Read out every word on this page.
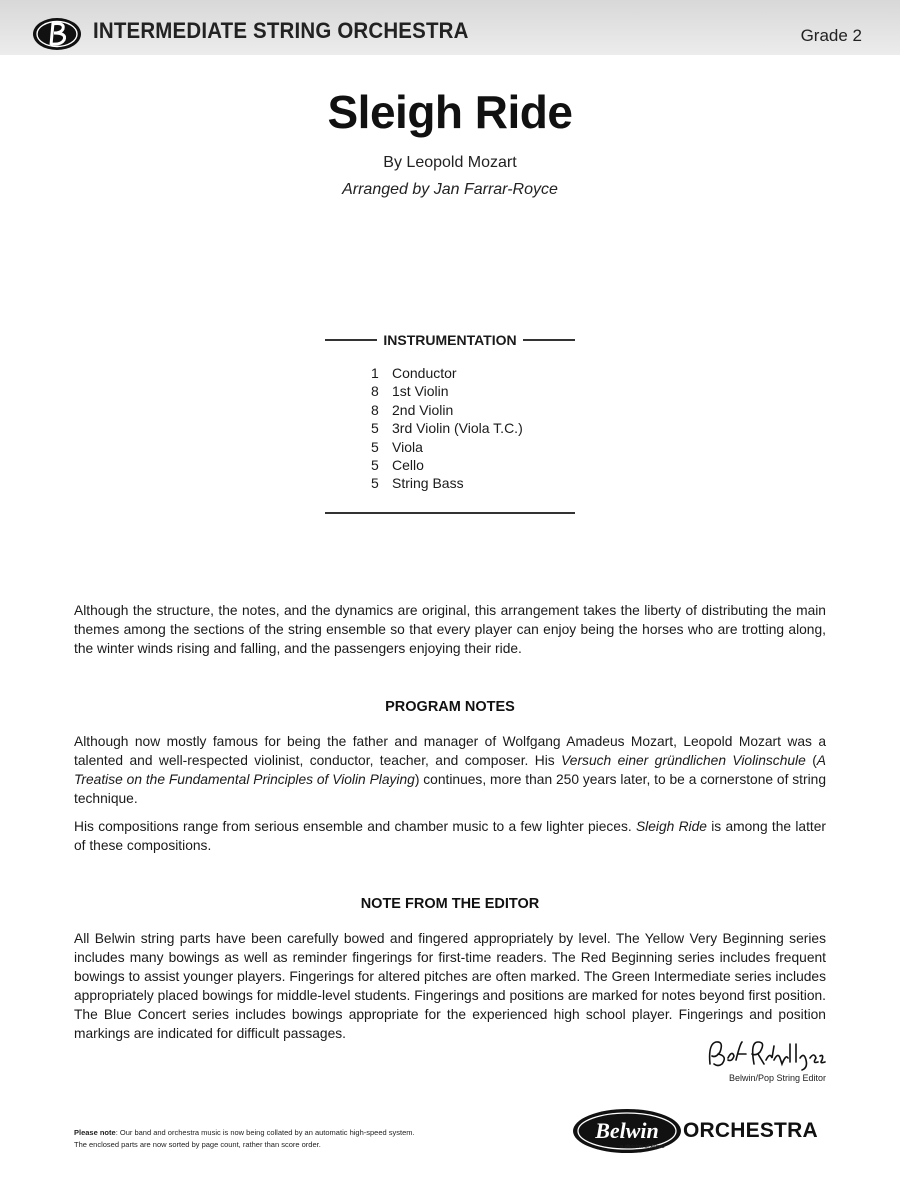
INTERMEDIATE STRING ORCHESTRA	Grade 2
Sleigh Ride
By Leopold Mozart
Arranged by Jan Farrar-Royce
INSTRUMENTATION
1 Conductor
8 1st Violin
8 2nd Violin
5 3rd Violin (Viola T.C.)
5 Viola
5 Cello
5 String Bass

Although the structure, the notes, and the dynamics are original, this arrangement takes the liberty of distributing the main themes among the sections of the string ensemble so that every player can enjoy being the horses who are trotting along, the winter winds rising and falling, and the passengers enjoying their ride.

PROGRAM NOTES

Although now mostly famous for being the father and manager of Wolfgang Amadeus Mozart, Leopold Mozart was a talented and well-respected violinist, conductor, teacher, and composer. His Versuch einer gründlichen Violinschule (A Treatise on the Fundamental Principles of Violin Playing) continues, more than 250 years later, to be a cornerstone of string technique.

His compositions range from serious ensemble and chamber music to a few lighter pieces. Sleigh Ride is among the latter of these compositions.

NOTE FROM THE EDITOR

All Belwin string parts have been carefully bowed and fingered appropriately by level. The Yellow Very Beginning series includes many bowings as well as reminder fingerings for first-time readers. The Red Beginning series includes frequent bowings to assist younger players. Fingerings for altered pitches are often marked. The Green Intermediate series includes appropriately placed bowings for middle-level students. Fingerings and positions are marked for notes beyond first position. The Blue Concert series includes bowings appropriate for the experienced high school player. Fingerings and position markings are indicated for difficult passages.

Belwin/Pop String Editor
Please note: Our band and orchestra music is now being collated by an automatic high-speed system.
The enclosed parts are now sorted by page count, rather than score order.
Belwin ORCHESTRA
a division of Alfred
